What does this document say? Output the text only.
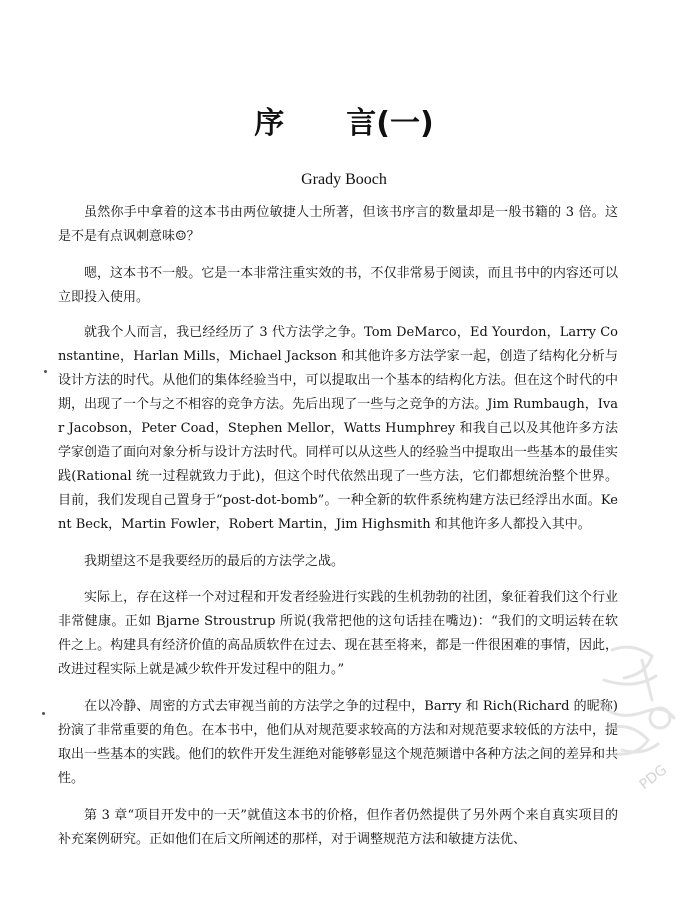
序 言(一)
Grady Booch

虽然你手中拿着的这本书由两位敏捷人士所著，但该书序言的数量却是一般书籍的 3 倍。这是不是有点讽刺意味☺？

嗯，这本书不一般。它是一本非常注重实效的书，不仅非常易于阅读，而且书中的内容还可以立即投入使用。

就我个人而言，我已经经历了 3 代方法学之争。Tom DeMarco，Ed Yourdon，Larry Constantine，Harlan Mills，Michael Jackson 和其他许多方法学家一起，创造了结构化分析与设计方法的时代。从他们的集体经验当中，可以提取出一个基本的结构化方法。但在这个时代的中期，出现了一个与之不相容的竞争方法。先后出现了一些与之竞争的方法。Jim Rumbaugh，Ivar Jacobson，Peter Coad，Stephen Mellor，Watts Humphrey 和我自己以及其他许多方法学家创造了面向对象分析与设计方法时代。同样可以从这些人的经验当中提取出一些基本的最佳实践(Rational 统一过程就致力于此)，但这个时代依然出现了一些方法，它们都想统治整个世界。目前，我们发现自己置身于“post-dot-bomb”。一种全新的软件系统构建方法已经浮出水面。Kent Beck，Martin Fowler，Robert Martin，Jim Highsmith 和其他许多人都投入其中。

我期望这不是我要经历的最后的方法学之战。

实际上，存在这样一个对过程和开发者经验进行实践的生机勃勃的社团，象征着我们这个行业非常健康。正如 Bjarne Stroustrup 所说(我常把他的这句话挂在嘴边)：“我们的文明运转在软件之上。构建具有经济价值的高品质软件在过去、现在甚至将来，都是一件很困难的事情，因此，改进过程实际上就是减少软件开发过程中的阻力。”

在以冷静、周密的方式去审视当前的方法学之争的过程中，Barry 和 Rich(Richard 的昵称)扮演了非常重要的角色。在本书中，他们从对规范要求较高的方法和对规范要求较低的方法中，提取出一些基本的实践。他们的软件开发生涯绝对能够彰显这个规范频谱中各种方法之间的差异和共性。

第 3 章“项目开发中的一天”就值这本书的价格，但作者仍然提供了另外两个来自真实项目的补充案例研究。正如他们在后文所阐述的那样，对于调整规范方法和敏捷方法优、

PDG
